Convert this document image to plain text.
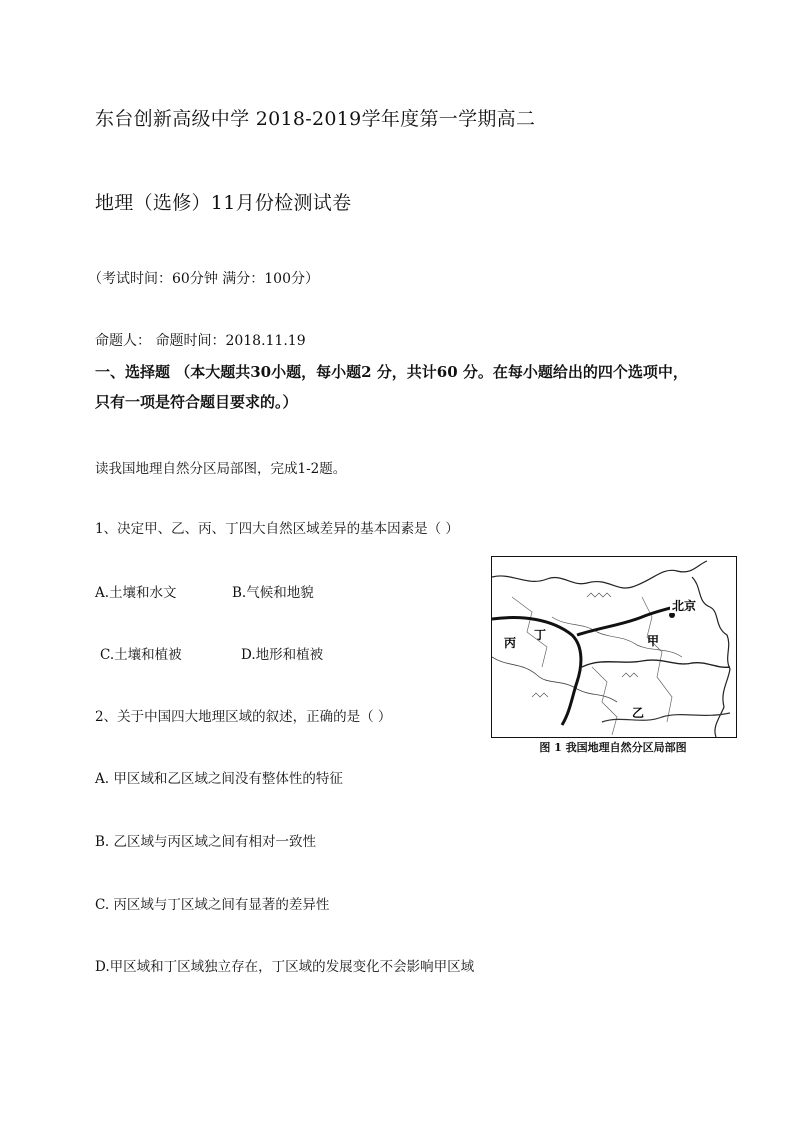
东台创新高级中学 2018-2019学年度第一学期高二
地理（选修）11月份检测试卷
（考试时间：60分钟 满分：100分）
命题人： 命题时间：2018.11.19
一、选择题 （本大题共30小题，每小题2 分，共计60 分。在每小题给出的四个选项中，
只有一项是符合题目要求的。）
读我国地理自然分区局部图，完成1-2题。
1、决定甲、乙、丙、丁四大自然区域差异的基本因素是（ ）
A.土壤和水文	B.气候和地貌
C.土壤和植被	D.地形和植被
2、关于中国四大地理区域的叙述，正确的是（ ）
A. 甲区域和乙区域之间没有整体性的特征
B. 乙区域与丙区域之间有相对一致性
C. 丙区域与丁区域之间有显著的差异性
D.甲区域和丁区域独立存在，丁区域的发展变化不会影响甲区域
北京
丁
丙	甲
乙
图 1 我国地理自然分区局部图
